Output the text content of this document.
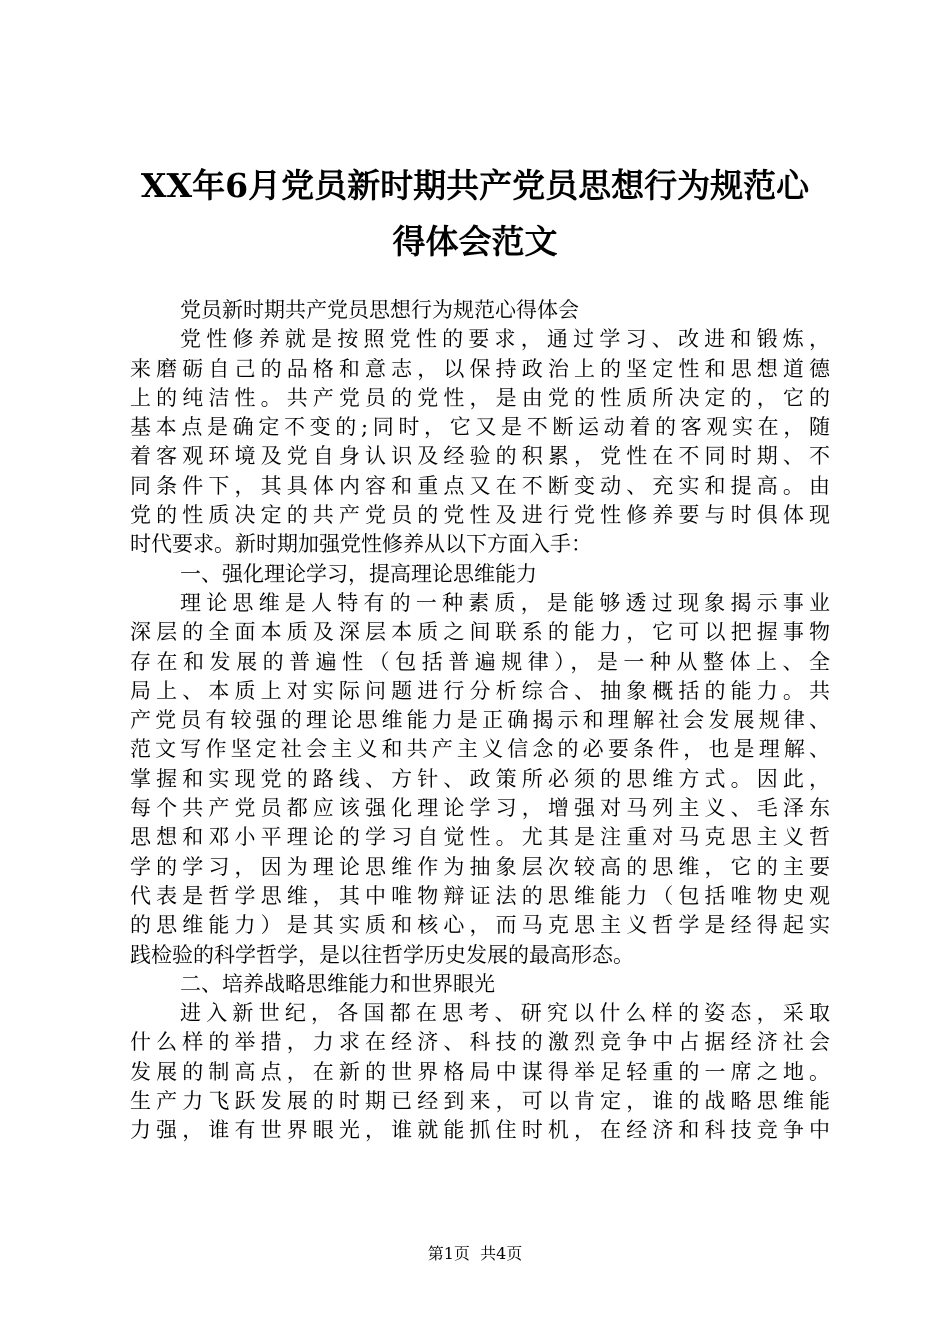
XX年6月党员新时期共产党员思想行为规范心
得体会范文
党员新时期共产党员思想行为规范心得体会
党性修养就是按照党性的要求，通过学习、改进和锻炼，
来磨砺自己的品格和意志，以保持政治上的坚定性和思想道德
上的纯洁性。共产党员的党性，是由党的性质所决定的，它的
基本点是确定不变的;同时，它又是不断运动着的客观实在，随
着客观环境及党自身认识及经验的积累，党性在不同时期、不
同条件下，其具体内容和重点又在不断变动、充实和提高。由
党的性质决定的共产党员的党性及进行党性修养要与时俱体现
时代要求。新时期加强党性修养从以下方面入手：
一、强化理论学习，提高理论思维能力
理论思维是人特有的一种素质，是能够透过现象揭示事业
深层的全面本质及深层本质之间联系的能力，它可以把握事物
存在和发展的普遍性（包括普遍规律），是一种从整体上、全
局上、本质上对实际问题进行分析综合、抽象概括的能力。共
产党员有较强的理论思维能力是正确揭示和理解社会发展规律、
范文写作坚定社会主义和共产主义信念的必要条件，也是理解、
掌握和实现党的路线、方针、政策所必须的思维方式。因此，
每个共产党员都应该强化理论学习，增强对马列主义、毛泽东
思想和邓小平理论的学习自觉性。尤其是注重对马克思主义哲
学的学习，因为理论思维作为抽象层次较高的思维，它的主要
代表是哲学思维，其中唯物辩证法的思维能力（包括唯物史观
的思维能力）是其实质和核心，而马克思主义哲学是经得起实
践检验的科学哲学，是以往哲学历史发展的最高形态。
二、培养战略思维能力和世界眼光
进入新世纪，各国都在思考、研究以什么样的姿态，采取
什么样的举措，力求在经济、科技的激烈竞争中占据经济社会
发展的制高点，在新的世界格局中谋得举足轻重的一席之地。
生产力飞跃发展的时期已经到来，可以肯定，谁的战略思维能
力强，谁有世界眼光，谁就能抓住时机，在经济和科技竞争中
第1页 共4页
